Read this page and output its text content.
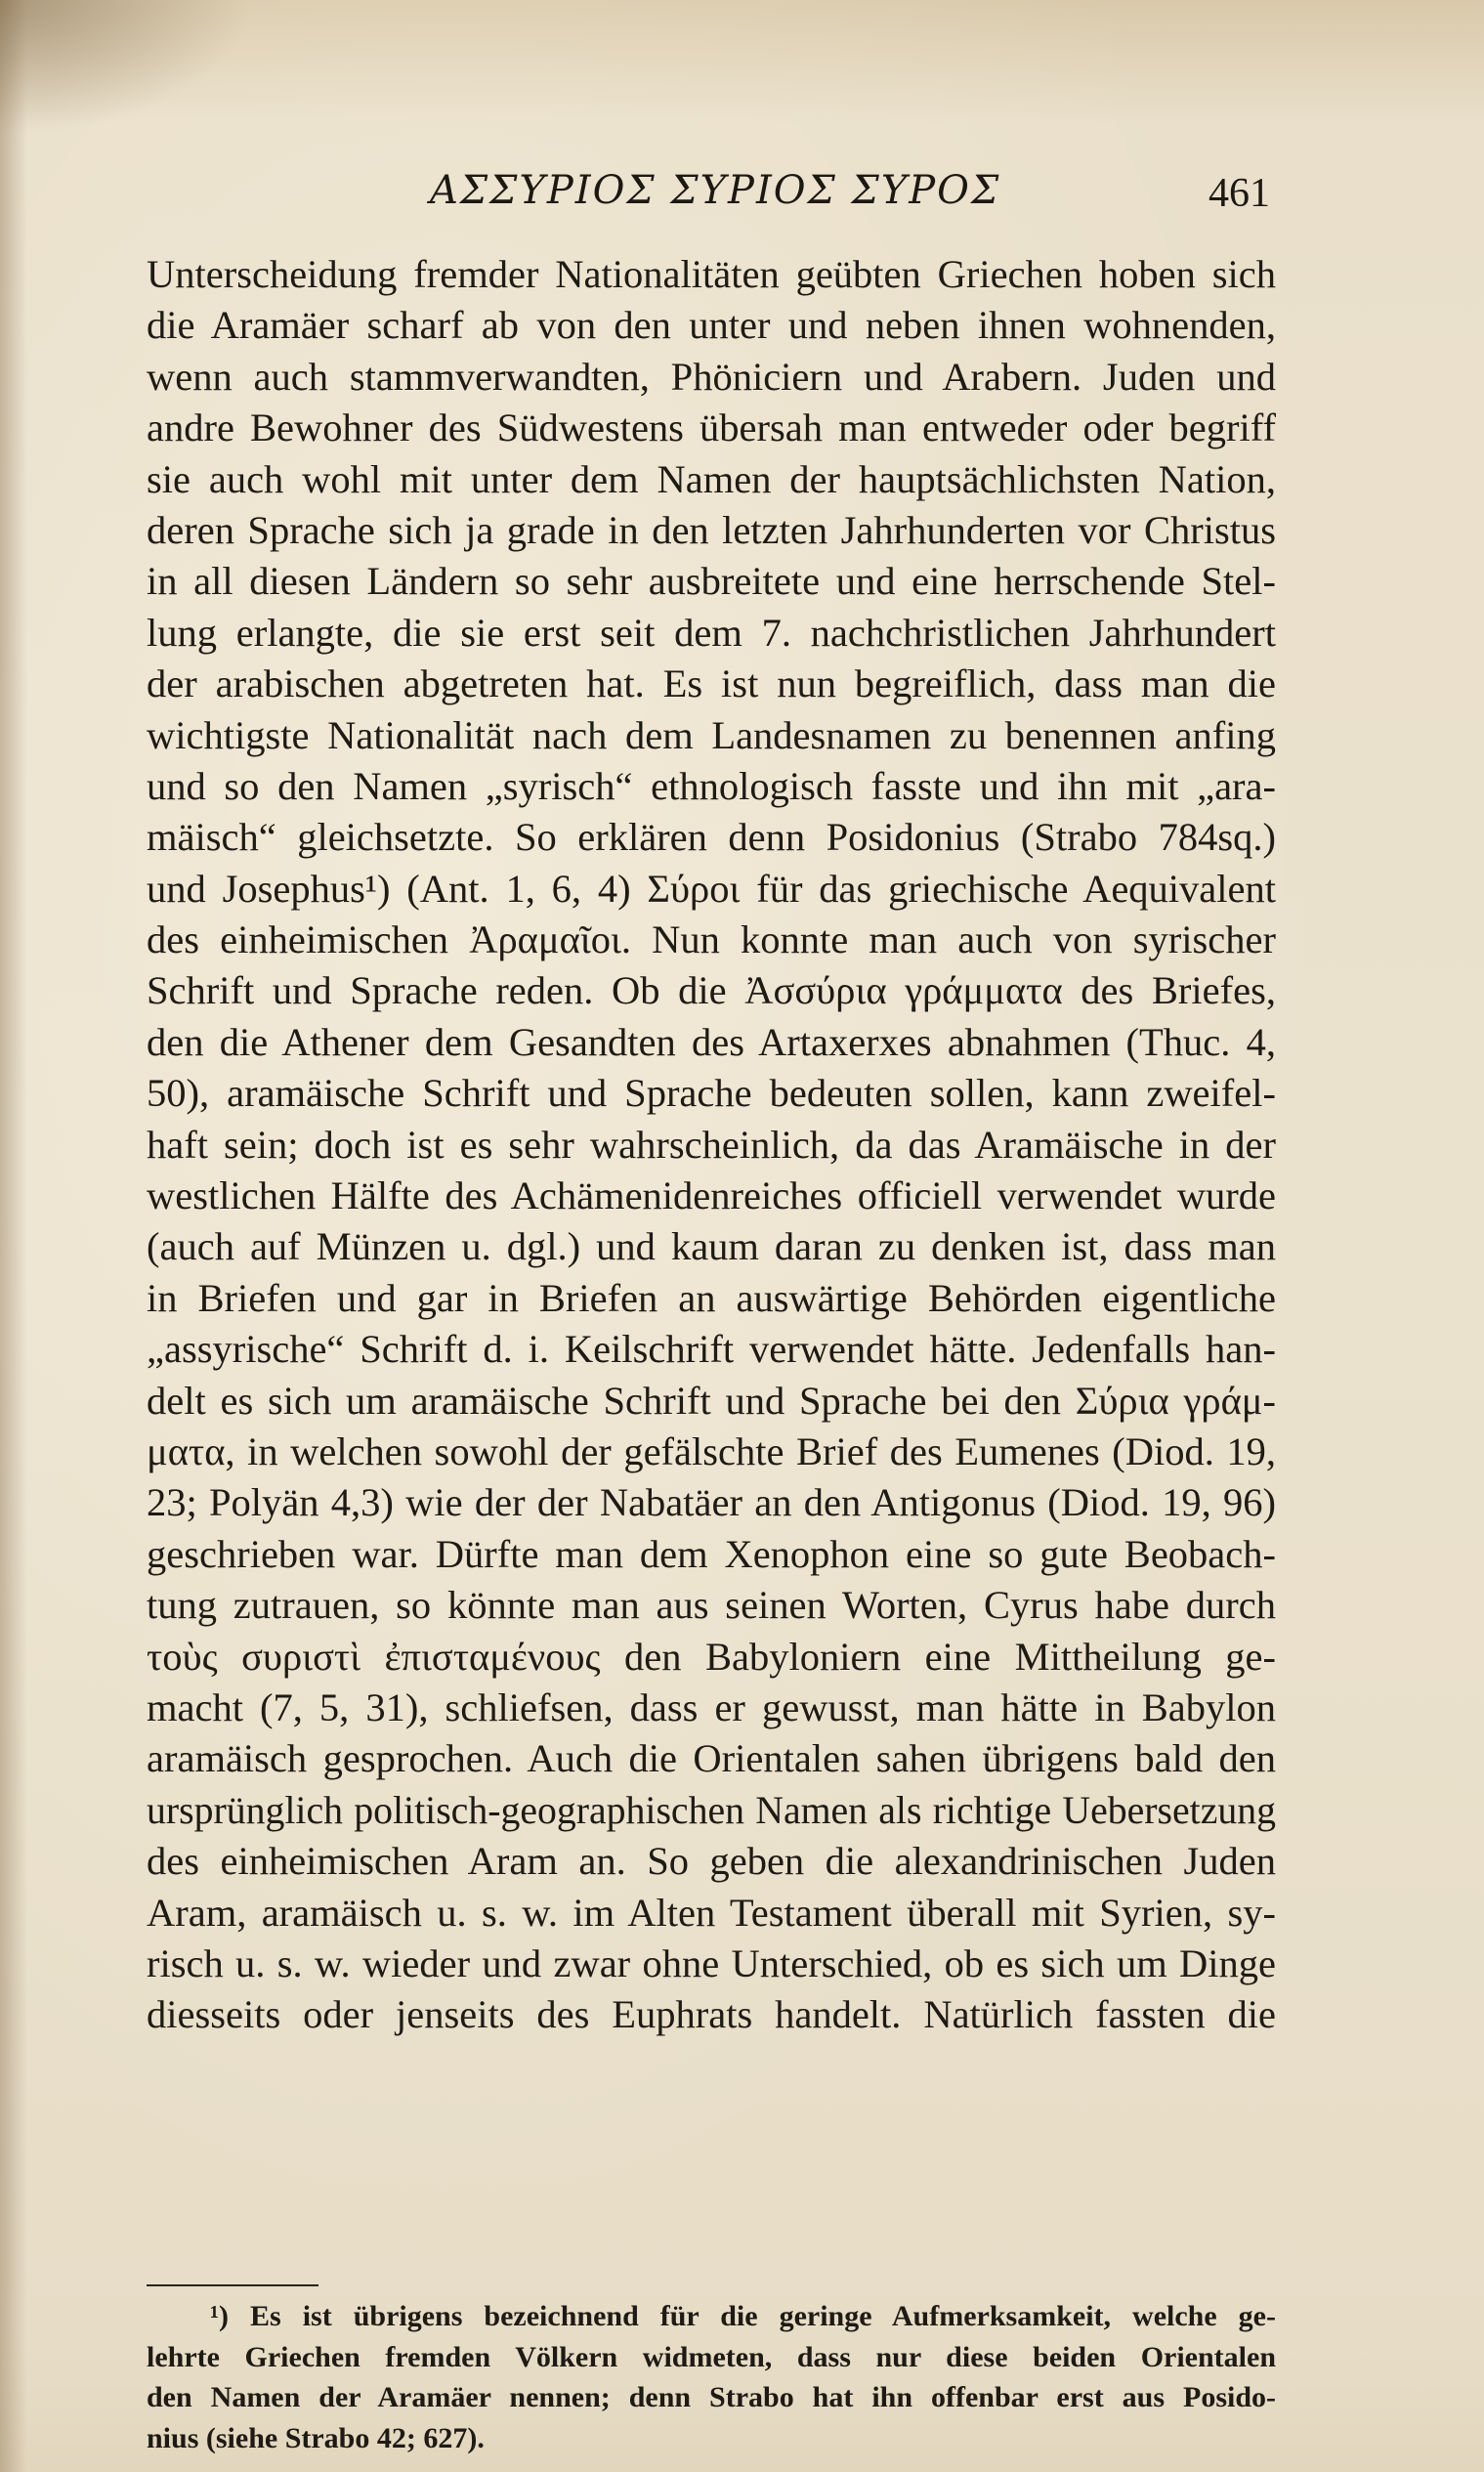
ΑΣΣΥΡΙΟΣ ΣΥΡΙΟΣ ΣΥΡΟΣ	461
Unterscheidung fremder Nationalitäten geübten Griechen hoben sich
die Aramäer scharf ab von den unter und neben ihnen wohnenden,
wenn auch stammverwandten, Phöniciern und Arabern. Juden und
andre Bewohner des Südwestens übersah man entweder oder begriff
sie auch wohl mit unter dem Namen der hauptsächlichsten Nation,
deren Sprache sich ja grade in den letzten Jahrhunderten vor Christus
in all diesen Ländern so sehr ausbreitete und eine herrschende Stel-
lung erlangte, die sie erst seit dem 7. nachchristlichen Jahrhundert
der arabischen abgetreten hat. Es ist nun begreiflich, dass man die
wichtigste Nationalität nach dem Landesnamen zu benennen anfing
und so den Namen „syrisch“ ethnologisch fasste und ihn mit „ara-
mäisch“ gleichsetzte. So erklären denn Posidonius (Strabo 784sq.)
und Josephus¹) (Ant. 1, 6, 4) Σύροι für das griechische Aequivalent
des einheimischen Ἀραμαῖοι. Nun konnte man auch von syrischer
Schrift und Sprache reden. Ob die Ἀσσύρια γράμματα des Briefes,
den die Athener dem Gesandten des Artaxerxes abnahmen (Thuc. 4,
50), aramäische Schrift und Sprache bedeuten sollen, kann zweifel-
haft sein; doch ist es sehr wahrscheinlich, da das Aramäische in der
westlichen Hälfte des Achämenidenreiches officiell verwendet wurde
(auch auf Münzen u. dgl.) und kaum daran zu denken ist, dass man
in Briefen und gar in Briefen an auswärtige Behörden eigentliche
„assyrische“ Schrift d. i. Keilschrift verwendet hätte. Jedenfalls han-
delt es sich um aramäische Schrift und Sprache bei den Σύρια γράμ-
ματα, in welchen sowohl der gefälschte Brief des Eumenes (Diod. 19,
23; Polyän 4,3) wie der der Nabatäer an den Antigonus (Diod. 19, 96)
geschrieben war. Dürfte man dem Xenophon eine so gute Beobach-
tung zutrauen, so könnte man aus seinen Worten, Cyrus habe durch
τοὺς συριστὶ ἐπισταμένους den Babyloniern eine Mittheilung ge-
macht (7, 5, 31), schliefsen, dass er gewusst, man hätte in Babylon
aramäisch gesprochen. Auch die Orientalen sahen übrigens bald den
ursprünglich politisch-geographischen Namen als richtige Uebersetzung
des einheimischen Aram an. So geben die alexandrinischen Juden
Aram, aramäisch u. s. w. im Alten Testament überall mit Syrien, sy-
risch u. s. w. wieder und zwar ohne Unterschied, ob es sich um Dinge
diesseits oder jenseits des Euphrats handelt. Natürlich fassten die
¹) Es ist übrigens bezeichnend für die geringe Aufmerksamkeit, welche ge-
lehrte Griechen fremden Völkern widmeten, dass nur diese beiden Orientalen
den Namen der Aramäer nennen; denn Strabo hat ihn offenbar erst aus Posido-
nius (siehe Strabo 42; 627).
